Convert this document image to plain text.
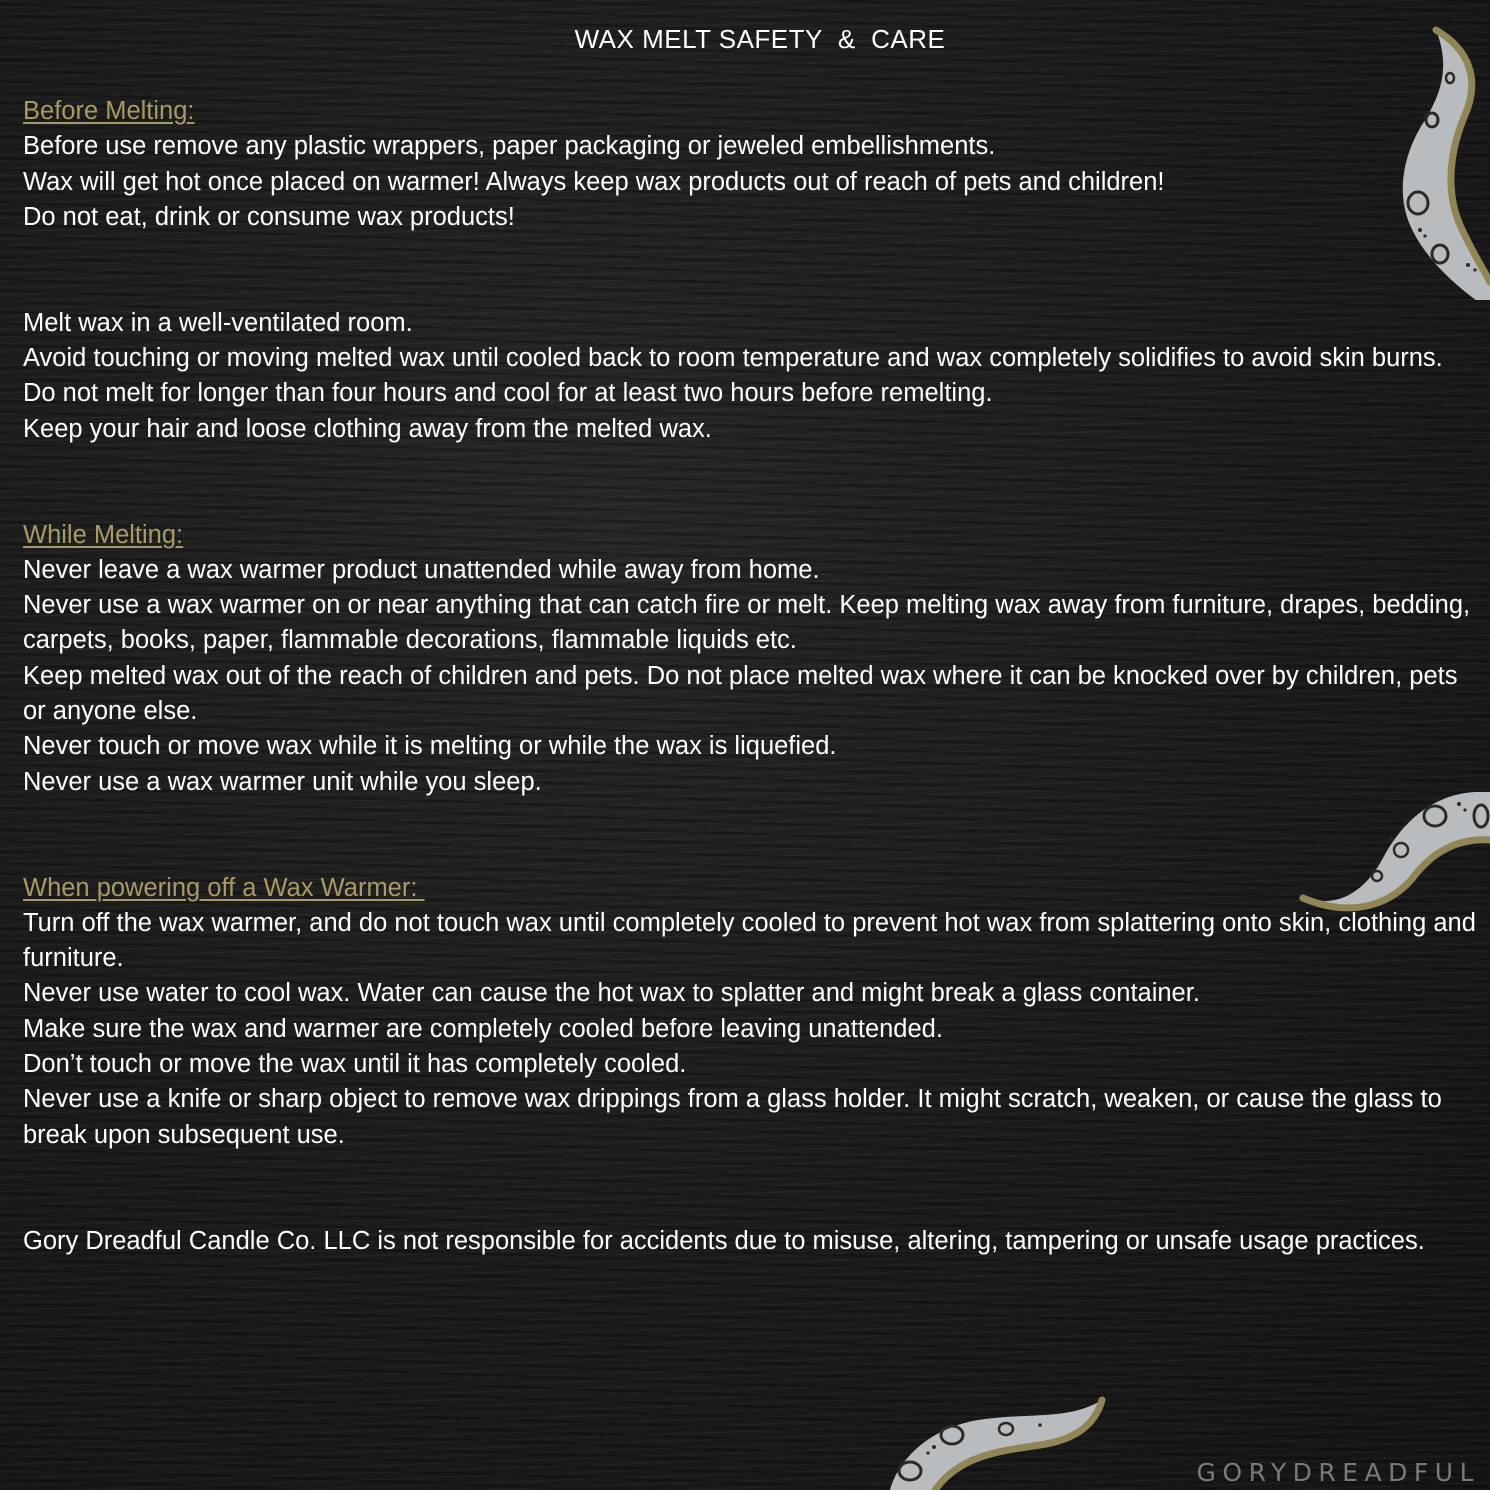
WAX MELT SAFETY  &  CARE
Before Melting:

Before use remove any plastic wrappers, paper packaging or jeweled embellishments.

Wax will get hot once placed on warmer! Always keep wax products out of reach of pets and children!

Do not eat, drink or consume wax products!

Melt wax in a well-ventilated room.

Avoid touching or moving melted wax until cooled back to room temperature and wax completely solidifies to avoid skin burns.

Do not melt for longer than four hours and cool for at least two hours before remelting.

Keep your hair and loose clothing away from the melted wax.

While Melting:

Never leave a wax warmer product unattended while away from home.

Never use a wax warmer on or near anything that can catch fire or melt. Keep melting wax away from furniture, drapes, bedding, carpets, books, paper, flammable decorations, flammable liquids etc.

Keep melted wax out of the reach of children and pets. Do not place melted wax where it can be knocked over by children, pets or anyone else.

Never touch or move wax while it is melting or while the wax is liquefied.

Never use a wax warmer unit while you sleep.

When powering off a Wax Warmer:

Turn off the wax warmer, and do not touch wax until completely cooled to prevent hot wax from splattering onto skin, clothing and furniture.

Never use water to cool wax. Water can cause the hot wax to splatter and might break a glass container.

Make sure the wax and warmer are completely cooled before leaving unattended.

Don’t touch or move the wax until it has completely cooled.

Never use a knife or sharp object to remove wax drippings from a glass holder. It might scratch, weaken, or cause the glass to break upon subsequent use.

Gory Dreadful Candle Co. LLC is not responsible for accidents due to misuse, altering, tampering or unsafe usage practices.

GORYDREADFUL
